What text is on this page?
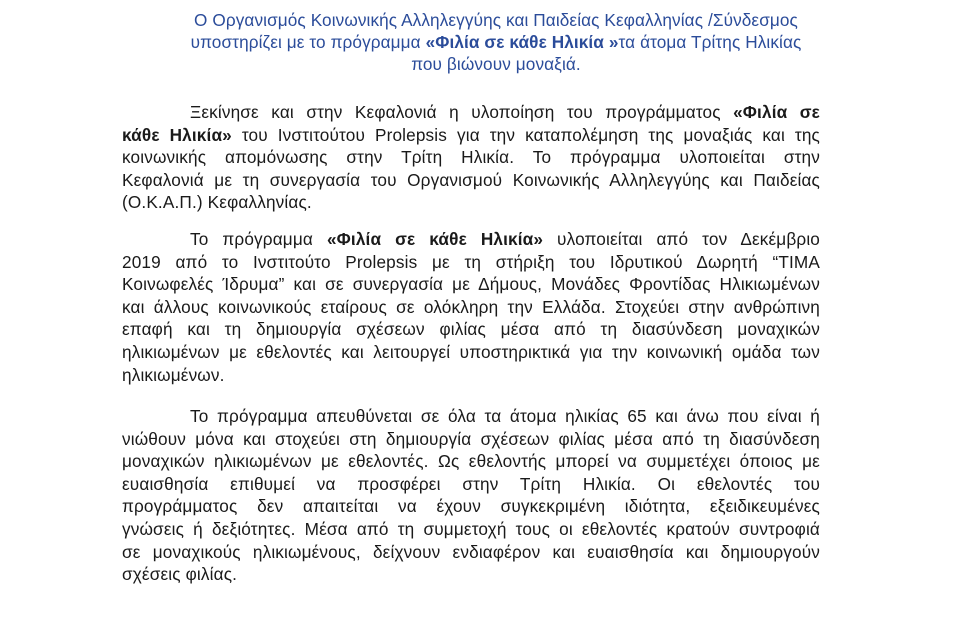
Ο Οργανισμός Κοινωνικής Αλληλεγγύης και Παιδείας Κεφαλληνίας /Σύνδεσμος
υποστηρίζει με το πρόγραμμα «Φιλία σε κάθε Ηλικία »τα άτομα Τρίτης Ηλικίας
που βιώνουν μοναξιά.
Ξεκίνησε και στην Κεφαλονιά η υλοποίηση του προγράμματος «Φιλία σε
κάθε Ηλικία» του Ινστιτούτου Prolepsis για την καταπολέμηση της μοναξιάς και της
κοινωνικής απομόνωσης στην Τρίτη Ηλικία. Το πρόγραμμα υλοποιείται στην
Κεφαλονιά με τη συνεργασία του Οργανισμού Κοινωνικής Αλληλεγγύης και Παιδείας
(Ο.Κ.Α.Π.) Κεφαλληνίας.
Το πρόγραμμα «Φιλία σε κάθε Ηλικία» υλοποιείται από τον Δεκέμβριο
2019 από το Ινστιτούτο Prolepsis με τη στήριξη του Ιδρυτικού Δωρητή “ΤΙΜΑ
Κοινωφελές Ίδρυμα” και σε συνεργασία με Δήμους, Μονάδες Φροντίδας Ηλικιωμένων
και άλλους κοινωνικούς εταίρους σε ολόκληρη την Ελλάδα. Στοχεύει στην ανθρώπινη
επαφή και τη δημιουργία σχέσεων φιλίας μέσα από τη διασύνδεση μοναχικών
ηλικιωμένων με εθελοντές και λειτουργεί υποστηρικτικά για την κοινωνική ομάδα των
ηλικιωμένων.
Το πρόγραμμα απευθύνεται σε όλα τα άτομα ηλικίας 65 και άνω που είναι ή
νιώθουν μόνα και στοχεύει στη δημιουργία σχέσεων φιλίας μέσα από τη διασύνδεση
μοναχικών ηλικιωμένων με εθελοντές. Ως εθελοντής μπορεί να συμμετέχει όποιος με
ευαισθησία επιθυμεί να προσφέρει στην Τρίτη Ηλικία. Οι εθελοντές του
προγράμματος δεν απαιτείται να έχουν συγκεκριμένη ιδιότητα, εξειδικευμένες
γνώσεις ή δεξιότητες. Μέσα από τη συμμετοχή τους οι εθελοντές κρατούν συντροφιά
σε μοναχικούς ηλικιωμένους, δείχνουν ενδιαφέρον και ευαισθησία και δημιουργούν
σχέσεις φιλίας.
